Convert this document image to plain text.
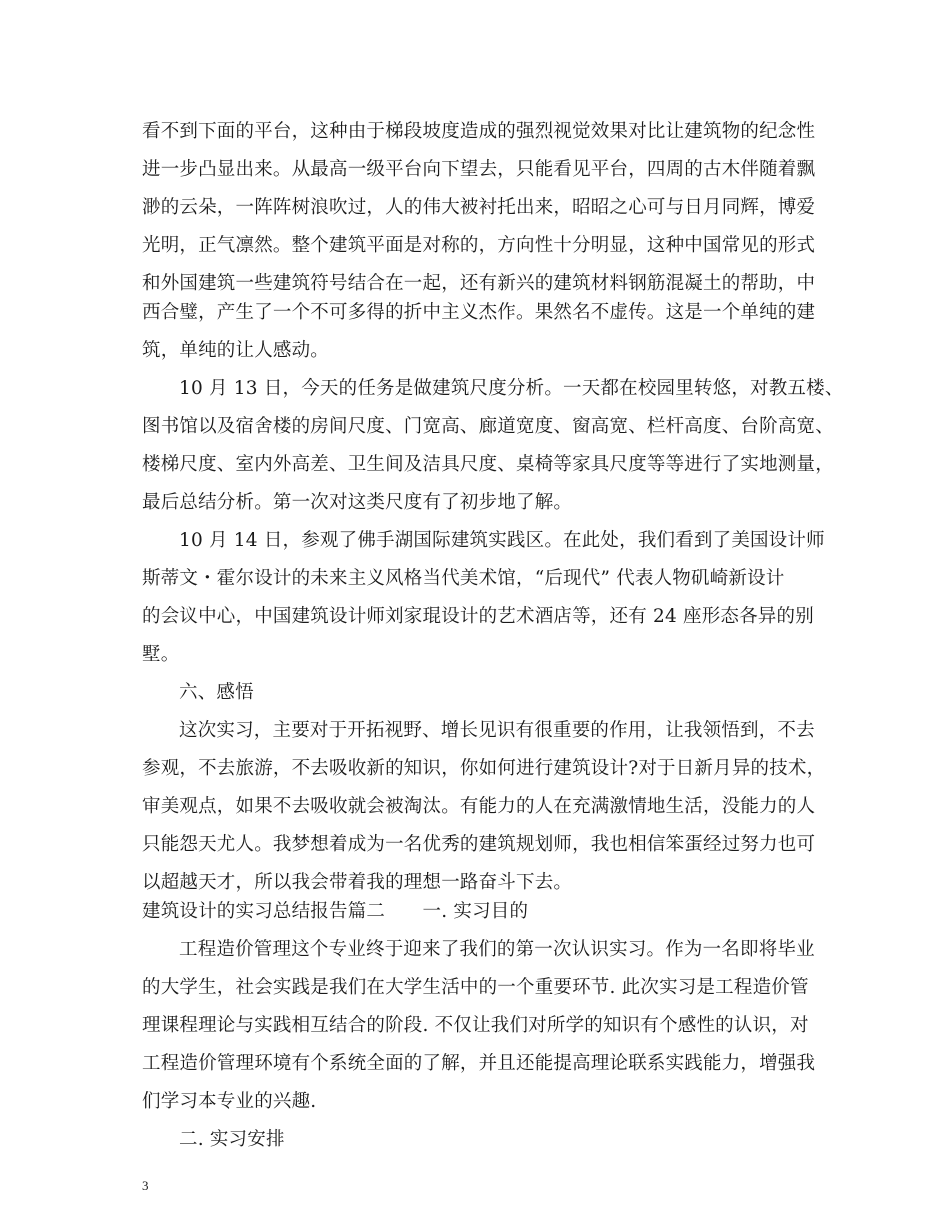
看不到下面的平台，这种由于梯段坡度造成的强烈视觉效果对比让建筑物的纪念性
进一步凸显出来。从最高一级平台向下望去，只能看见平台，四周的古木伴随着飘
渺的云朵，一阵阵树浪吹过，人的伟大被衬托出来，昭昭之心可与日月同辉，博爱
光明，正气凛然。整个建筑平面是对称的，方向性十分明显，这种中国常见的形式
和外国建筑一些建筑符号结合在一起，还有新兴的建筑材料钢筋混凝土的帮助，中
西合璧，产生了一个不可多得的折中主义杰作。果然名不虚传。这是一个单纯的建
筑，单纯的让人感动。
10 月 13 日，今天的任务是做建筑尺度分析。一天都在校园里转悠，对教五楼、
图书馆以及宿舍楼的房间尺度、门宽高、廊道宽度、窗高宽、栏杆高度、台阶高宽、
楼梯尺度、室内外高差、卫生间及洁具尺度、桌椅等家具尺度等等进行了实地测量，
最后总结分析。第一次对这类尺度有了初步地了解。
10 月 14 日，参观了佛手湖国际建筑实践区。在此处，我们看到了美国设计师
斯蒂文・霍尔设计的未来主义风格当代美术馆，“后现代” 代表人物矶崎新设计
的会议中心，中国建筑设计师刘家琨设计的艺术酒店等，还有 24 座形态各异的别
墅。
六、感悟
这次实习，主要对于开拓视野、增长见识有很重要的作用，让我领悟到，不去
参观，不去旅游，不去吸收新的知识，你如何进行建筑设计?对于日新月异的技术，
审美观点，如果不去吸收就会被淘汰。有能力的人在充满激情地生活，没能力的人
只能怨天尤人。我梦想着成为一名优秀的建筑规划师，我也相信笨蛋经过努力也可
以超越天才，所以我会带着我的理想一路奋斗下去。
建筑设计的实习总结报告篇二　　一. 实习目的
工程造价管理这个专业终于迎来了我们的第一次认识实习。作为一名即将毕业
的大学生，社会实践是我们在大学生活中的一个重要环节. 此次实习是工程造价管
理课程理论与实践相互结合的阶段. 不仅让我们对所学的知识有个感性的认识，对
工程造价管理环境有个系统全面的了解，并且还能提高理论联系实践能力，增强我
们学习本专业的兴趣.
二. 实习安排
3
